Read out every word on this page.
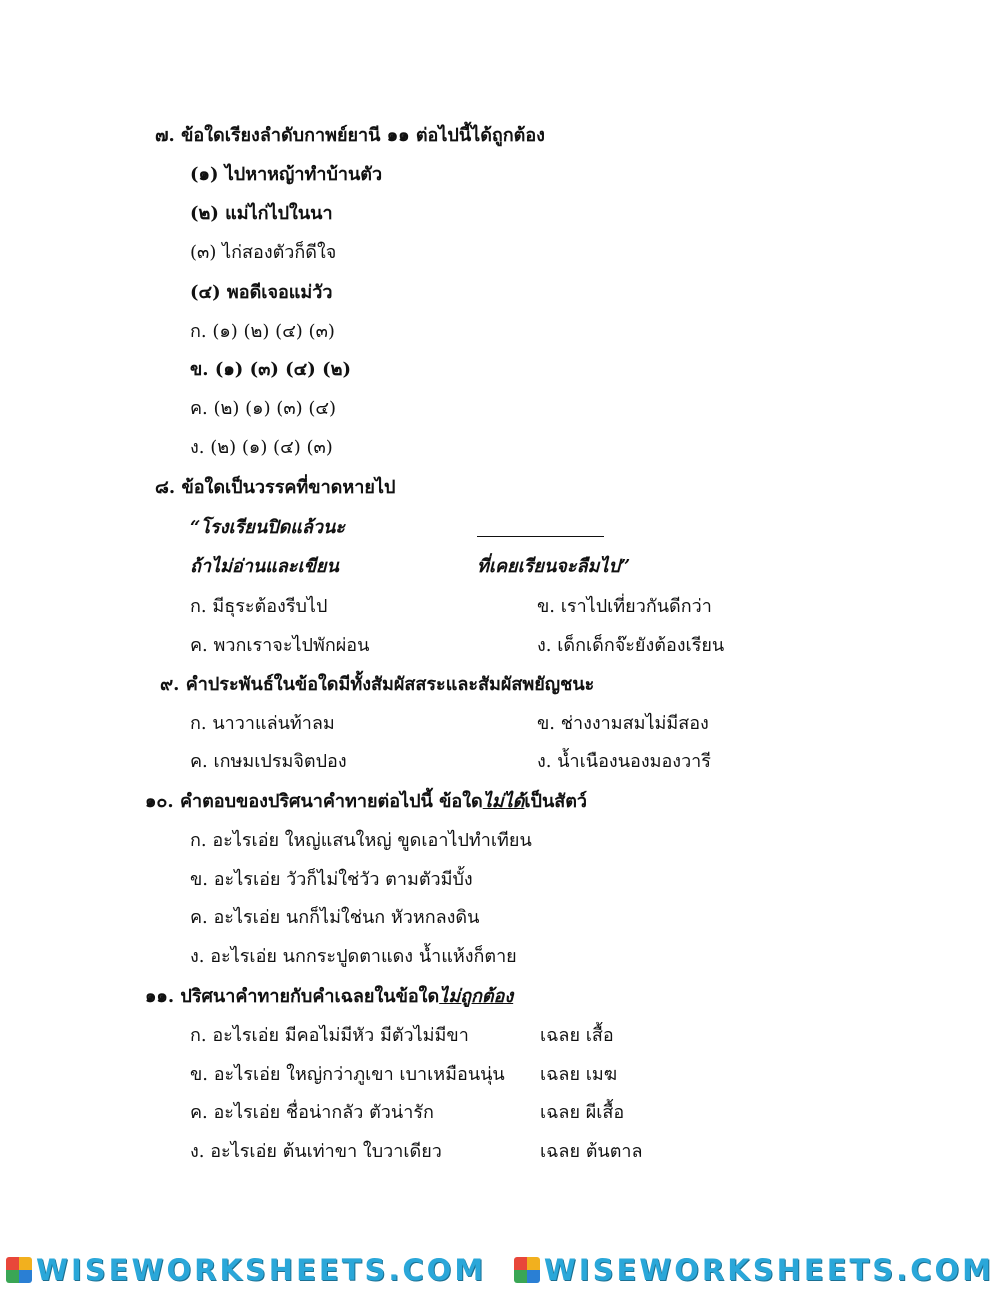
๗. ข้อใดเรียงลำดับกาพย์ยานี ๑๑ ต่อไปนี้ได้ถูกต้อง
(๑) ไปหาหญ้าทำบ้านตัว
(๒) แม่ไก่ไปในนา
(๓) ไก่สองตัวก็ดีใจ
(๔) พอดีเจอแม่วัว
ก. (๑) (๒) (๔) (๓)
ข. (๑) (๓) (๔) (๒)
ค. (๒) (๑) (๓) (๔)
ง. (๒) (๑) (๔) (๓)
๘. ข้อใดเป็นวรรคที่ขาดหายไป
“โรงเรียนปิดแล้วนะ
ถ้าไม่อ่านและเขียน	ที่เคยเรียนจะลืมไป”
ก. มีธุระต้องรีบไป	ข. เราไปเที่ยวกันดีกว่า
ค. พวกเราจะไปพักผ่อน	ง. เด็กเด็กจ๊ะยังต้องเรียน
๙. คำประพันธ์ในข้อใดมีทั้งสัมผัสสระและสัมผัสพยัญชนะ
ก. นาวาแล่นท้าลม	ข. ช่างงามสมไม่มีสอง
ค. เกษมเปรมจิตปอง	ง. น้ำเนืองนองมองวารี
๑๐. คำตอบของปริศนาคำทายต่อไปนี้ ข้อใดไม่ได้เป็นสัตว์
ก. อะไรเอ่ย ใหญ่แสนใหญ่ ขูดเอาไปทำเทียน
ข. อะไรเอ่ย วัวก็ไม่ใช่วัว ตามตัวมีบั้ง
ค. อะไรเอ่ย นกก็ไม่ใช่นก หัวหกลงดิน
ง. อะไรเอ่ย นกกระปูดตาแดง น้ำแห้งก็ตาย
๑๑. ปริศนาคำทายกับคำเฉลยในข้อใดไม่ถูกต้อง
ก. อะไรเอ่ย มีคอไม่มีหัว มีตัวไม่มีขา	เฉลย เสื้อ
ข. อะไรเอ่ย ใหญ่กว่าภูเขา เบาเหมือนนุ่น เฉลย เมฆ
ค. อะไรเอ่ย ชื่อน่ากลัว ตัวน่ารัก	เฉลย ผีเสื้อ
ง. อะไรเอ่ย ต้นเท่าขา ใบวาเดียว	เฉลย ต้นตาล
WISEWORKSHEETS.COM WISEWORKSHEETS.COM
